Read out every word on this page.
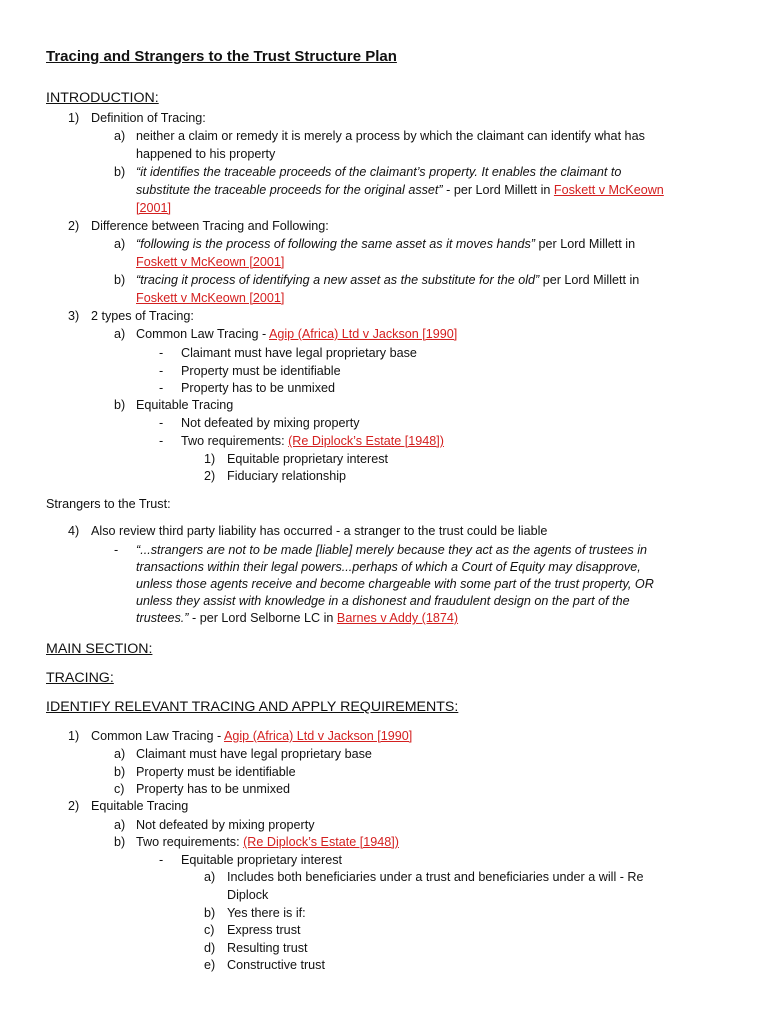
Tracing and Strangers to the Trust Structure Plan
INTRODUCTION:
1) Definition of Tracing:
a) neither a claim or remedy it is merely a process by which the claimant can identify what has
happened to his property
b) “it identifies the traceable proceeds of the claimant’s property. It enables the claimant to
substitute the traceable proceeds for the original asset” - per Lord Millett in Foskett v McKeown
[2001]
2) Difference between Tracing and Following:
a) “following is the process of following the same asset as it moves hands” per Lord Millett in
Foskett v McKeown [2001]
b) “tracing it process of identifying a new asset as the substitute for the old” per Lord Millett in
Foskett v McKeown [2001]
3) 2 types of Tracing:
a) Common Law Tracing - Agip (Africa) Ltd v Jackson [1990]
- Claimant must have legal proprietary base
- Property must be identifiable
- Property has to be unmixed
b) Equitable Tracing
- Not defeated by mixing property
- Two requirements: (Re Diplock’s Estate [1948])
1) Equitable proprietary interest
2) Fiduciary relationship
Strangers to the Trust:
4) Also review third party liability has occurred - a stranger to the trust could be liable
- “...strangers are not to be made [liable] merely because they act as the agents of trustees in
transactions within their legal powers...perhaps of which a Court of Equity may disapprove,
unless those agents receive and become chargeable with some part of the trust property, OR
unless they assist with knowledge in a dishonest and fraudulent design on the part of the
trustees.” - per Lord Selborne LC in Barnes v Addy (1874)
MAIN SECTION:
TRACING:
IDENTIFY RELEVANT TRACING AND APPLY REQUIREMENTS:
1) Common Law Tracing - Agip (Africa) Ltd v Jackson [1990]
a) Claimant must have legal proprietary base
b) Property must be identifiable
c) Property has to be unmixed
2) Equitable Tracing
a) Not defeated by mixing property
b) Two requirements: (Re Diplock’s Estate [1948])
- Equitable proprietary interest
a) Includes both beneficiaries under a trust and beneficiaries under a will - Re
Diplock
b) Yes there is if:
c) Express trust
d) Resulting trust
e) Constructive trust
